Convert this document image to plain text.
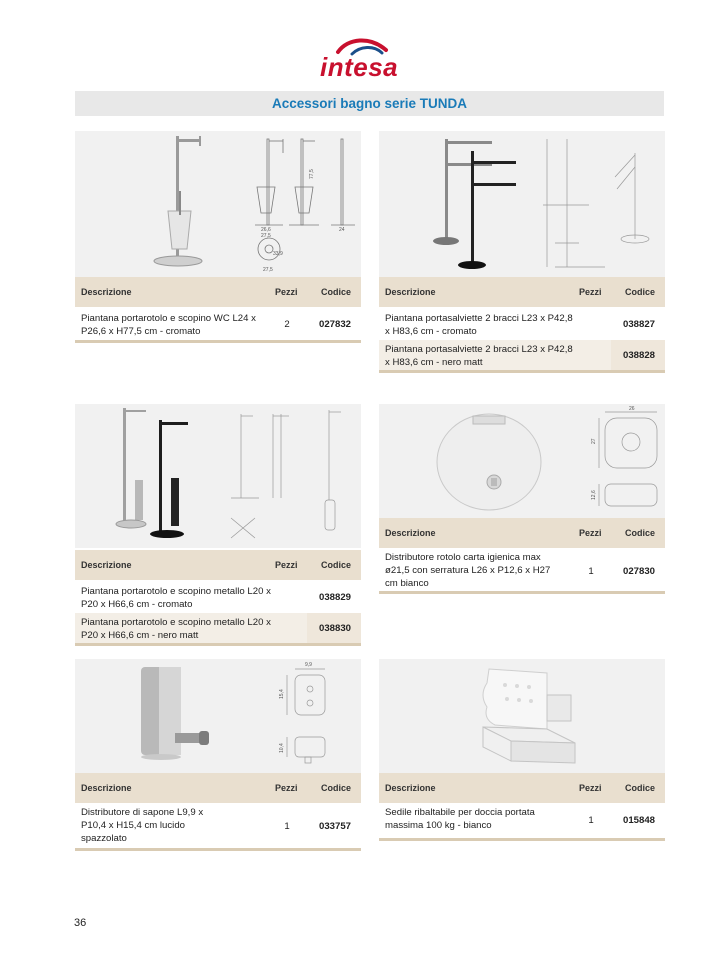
intesa
Accessori bagno serie TUNDA
26,6
27,5
77,5
24
33,9
27,5
Descrizione	Pezzi	Codice
Piantana portarotolo e scopino WC L24 x P26,6 x H77,5 cm - cromato
2	027832
Descrizione	Pezzi	Codice
Piantana portasalviette 2 bracci L23 x P42,8 x H83,6 cm - cromato
038827
Piantana portasalviette 2 bracci L23 x P42,8 x H83,6 cm - nero matt
038828
Descrizione	Pezzi	Codice
Piantana portarotolo e scopino metallo L20 x P20 x H66,6 cm - cromato
038829
Piantana portarotolo e scopino metallo L20 x P20 x H66,6 cm - nero matt
038830
26
27
12,6
Descrizione	Pezzi	Codice
Distributore rotolo carta igienica max ø21,5 con serratura L26 x P12,6 x H27 cm bianco
1	027830
9,9
15,4
10,4
Descrizione	Pezzi	Codice
Distributore di sapone L9,9 x P10,4 x H15,4 cm lucido spazzolato
1	033757
Descrizione	Pezzi	Codice
Sedile ribaltabile per doccia portata massima 100 kg - bianco	1	015848
36
